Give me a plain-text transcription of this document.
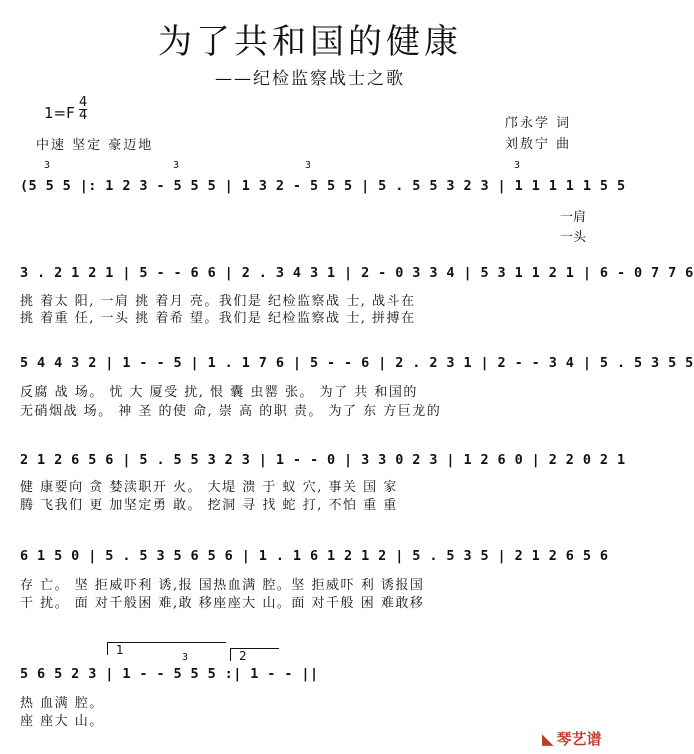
为了共和国的健康
——纪检监察战士之歌
1=F
4
4
中速 坚定 豪迈地
邝永学 词
刘敖宁 曲
3	3	3	3
(5 5 5 |: 1 2 3 - 5 5 5 | 1 3 2 - 5 5 5 | 5 . 5 5 3 2 3 | 1 1 1 1 1 5 5
一肩
一头
3 . 2 1 2 1 | 5 - - 6 6 | 2 . 3 4 3 1 | 2 - 0 3 3 4 | 5 3 1 1 2 1 | 6 - 0 7 7 6
挑 着太 阳, 一肩 挑 着月 亮。我们是 纪检监察战 士, 战斗在
挑 着重 任, 一头 挑 着希 望。我们是 纪检监察战 士, 拼搏在
5 4 4 3 2 | 1 - - 5 | 1 . 1 7 6 | 5 - - 6 | 2 . 2 3 1 | 2 - - 3 4 | 5 . 5 3 5 5
反腐 战 场。 忧 大 厦受 扰, 恨 囊 虫罂 张。 为了 共 和国的
无硝烟战 场。 神 圣 的使 命, 崇 高 的职 责。 为了 东 方巨龙的
2 1 2 6 5 6 | 5 . 5 5 3 2 3 | 1 - - 0 | 3 3 0 2 3 | 1 2 6 0 | 2 2 0 2 1
健 康要向 贪 婪渎职开 火。 大堤 溃 于 蚁 穴, 事关 国 家
腾 飞我们 更 加坚定勇 敢。 挖洞 寻 找 蛇 打, 不怕 重 重
6 1 5 0 | 5 . 5 3 5 6 5 6 | 1 . 1 6 1 2 1 2 | 5 . 5 3 5 | 2 1 2 6 5 6
存 亡。 坚 拒威吓利 诱,报 国热血满 腔。坚 拒威吓 利 诱报国
干 扰。 面 对千般困 难,敢 移座座大 山。面 对千般 困 难敢移
1	2
3
5 6 5 2 3 | 1 - - 5 5 5 :| 1 - - ||
热 血满 腔。
座 座大 山。
◣ 琴艺谱
